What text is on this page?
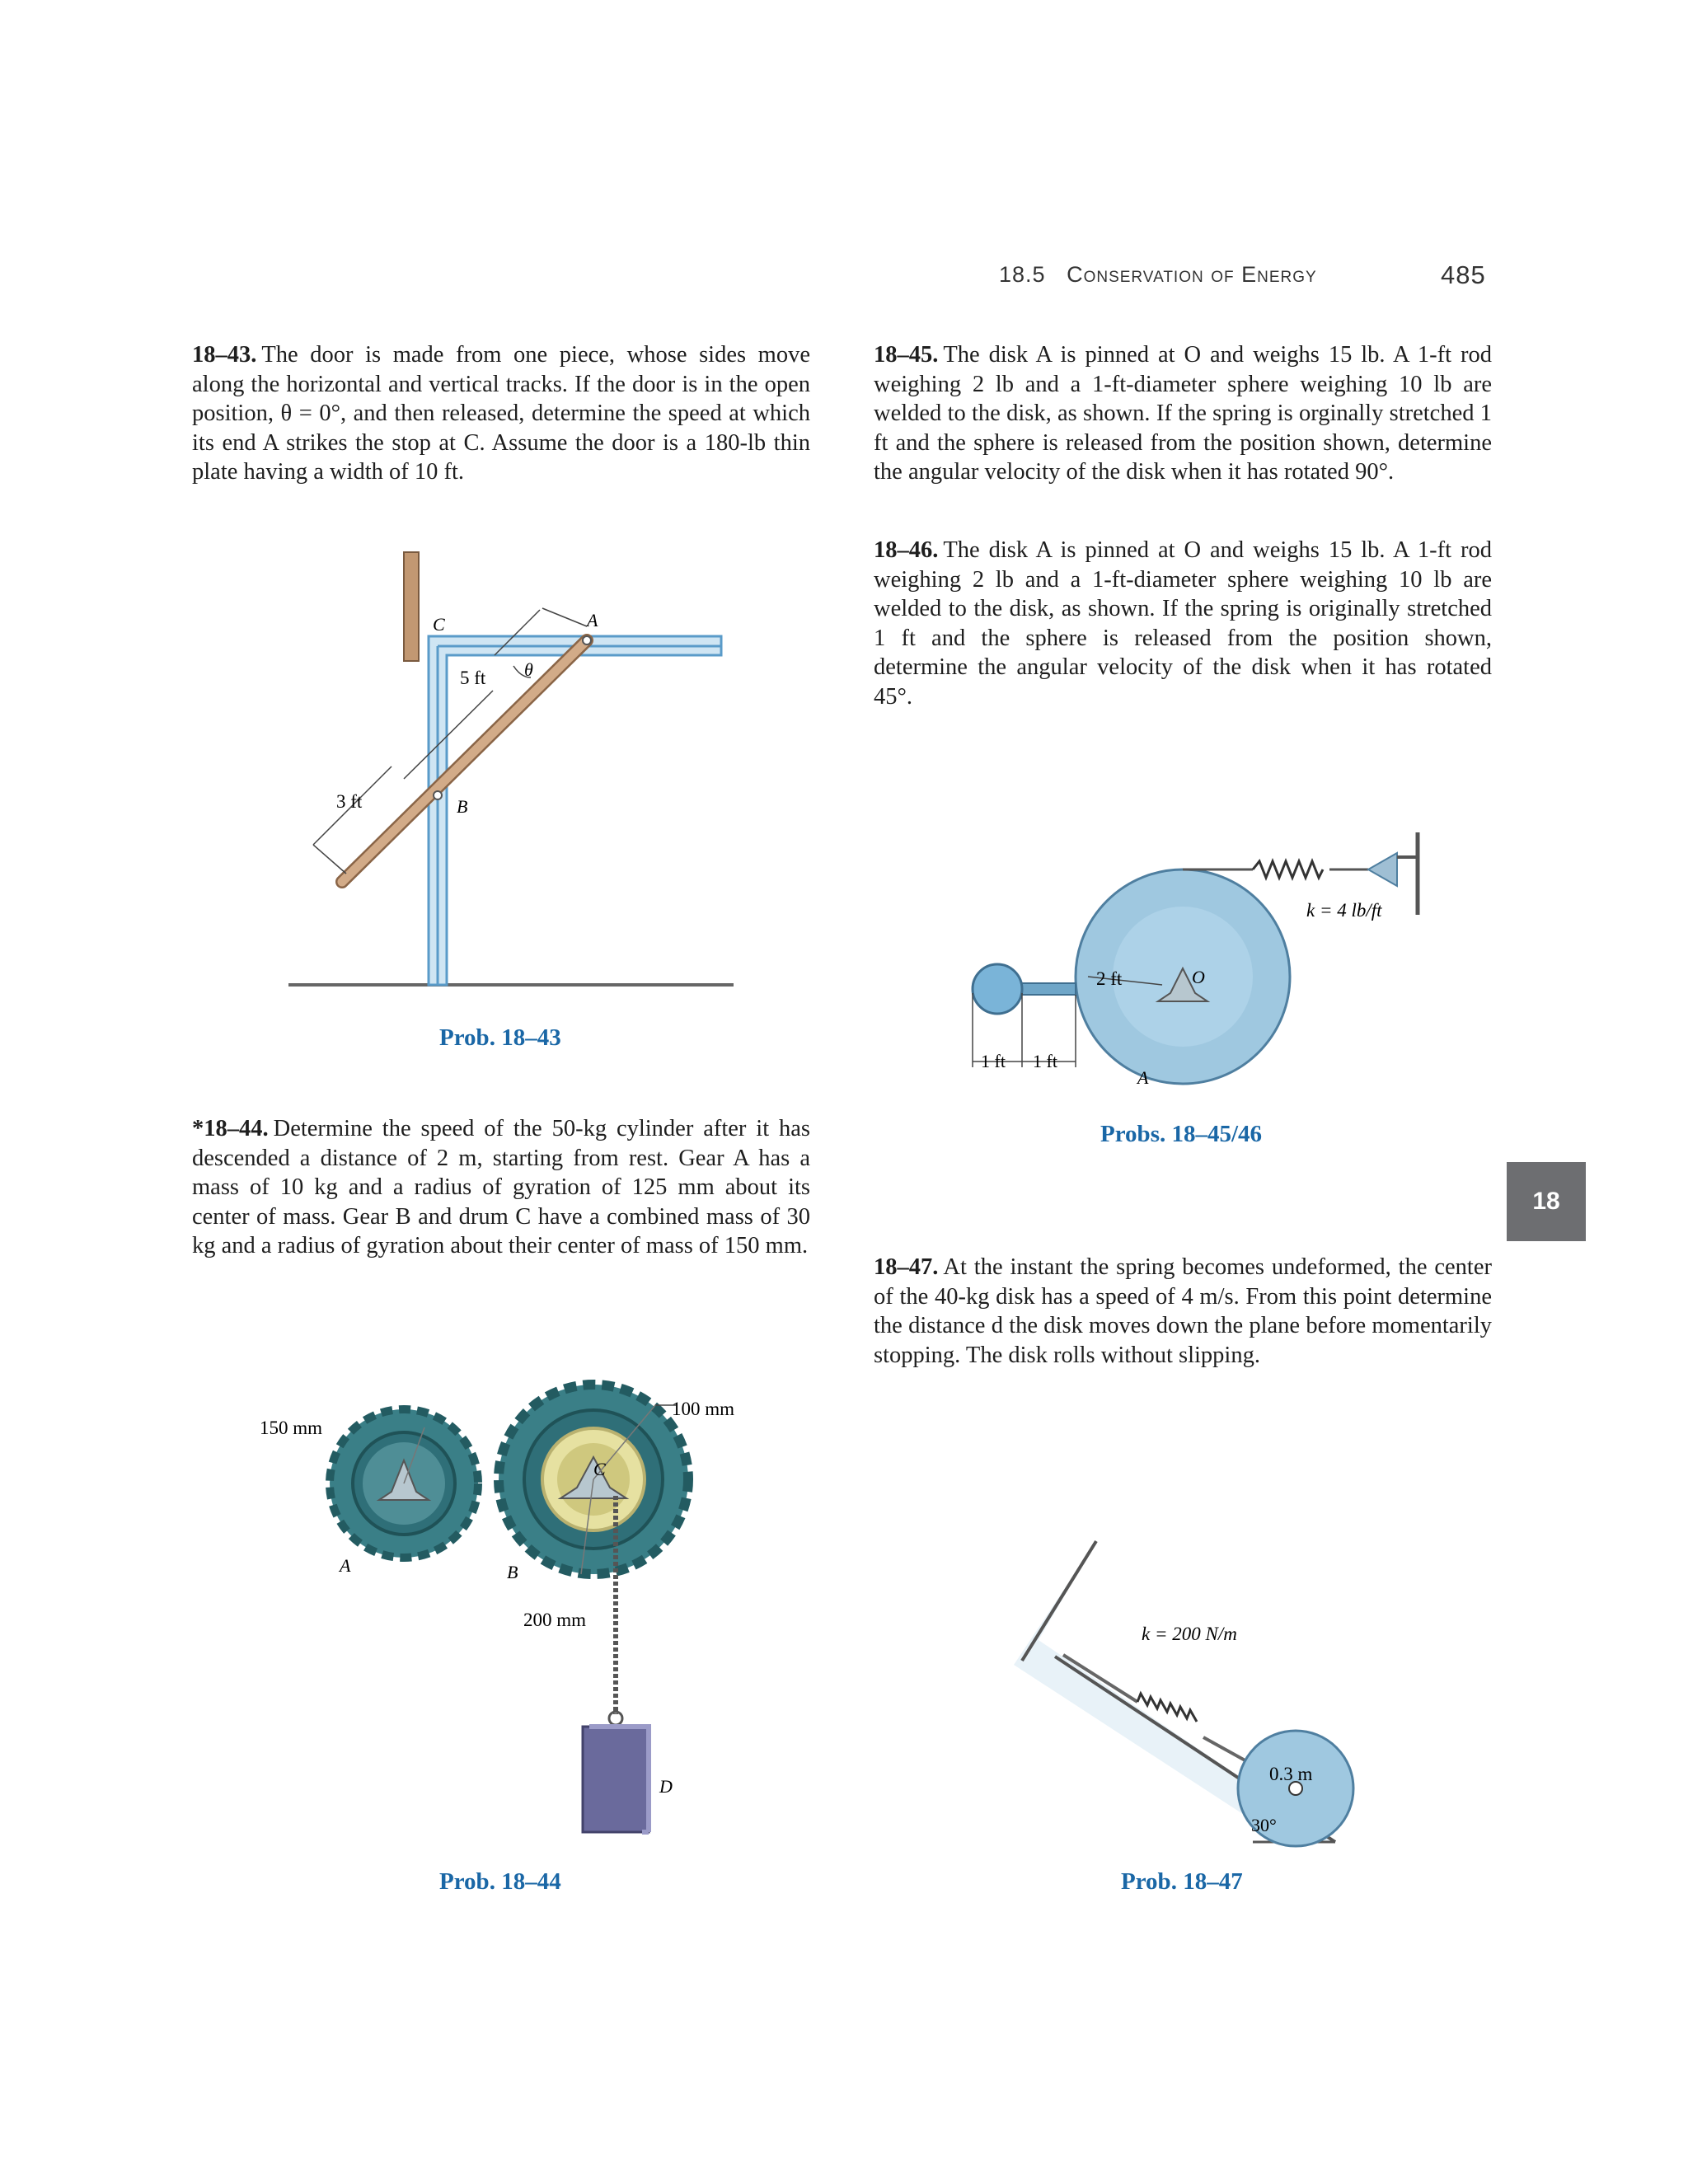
18.5 Conservation of Energy	485

18–43. The door is made from one piece, whose sides move along the horizontal and vertical tracks. If the door is in the open position, θ = 0°, and then released, determine the speed at which its end A strikes the stop at C. Assume the door is a 180-lb thin plate having a width of 10 ft.

*18–44. Determine the speed of the 50-kg cylinder after it has descended a distance of 2 m, starting from rest. Gear A has a mass of 10 kg and a radius of gyration of 125 mm about its center of mass. Gear B and drum C have a combined mass of 30 kg and a radius of gyration about their center of mass of 150 mm.

18–45. The disk A is pinned at O and weighs 15 lb. A 1-ft rod weighing 2 lb and a 1-ft-diameter sphere weighing 10 lb are welded to the disk, as shown. If the spring is orginally stretched 1 ft and the sphere is released from the position shown, determine the angular velocity of the disk when it has rotated 90°.

18–46. The disk A is pinned at O and weighs 15 lb. A 1-ft rod weighing 2 lb and a 1-ft-diameter sphere weighing 10 lb are welded to the disk, as shown. If the spring is originally stretched 1 ft and the sphere is released from the position shown, determine the angular velocity of the disk when it has rotated 45°.

18–47. At the instant the spring becomes undeformed, the center of the 40-kg disk has a speed of 4 m/s. From this point determine the distance d the disk moves down the plane before momentarily stopping. The disk rolls without slipping.

C	A
B
θ
5 ft
3 ft
Prob. 18–43
150 mm
100 mm
200 mm
A	B
C
D
Prob. 18–44
k = 4 lb/ft
2 ft	O
A
1 ft 1 ft
Probs. 18–45/46
k = 200 N/m
0.3 m
30°
Prob. 18–47
18
